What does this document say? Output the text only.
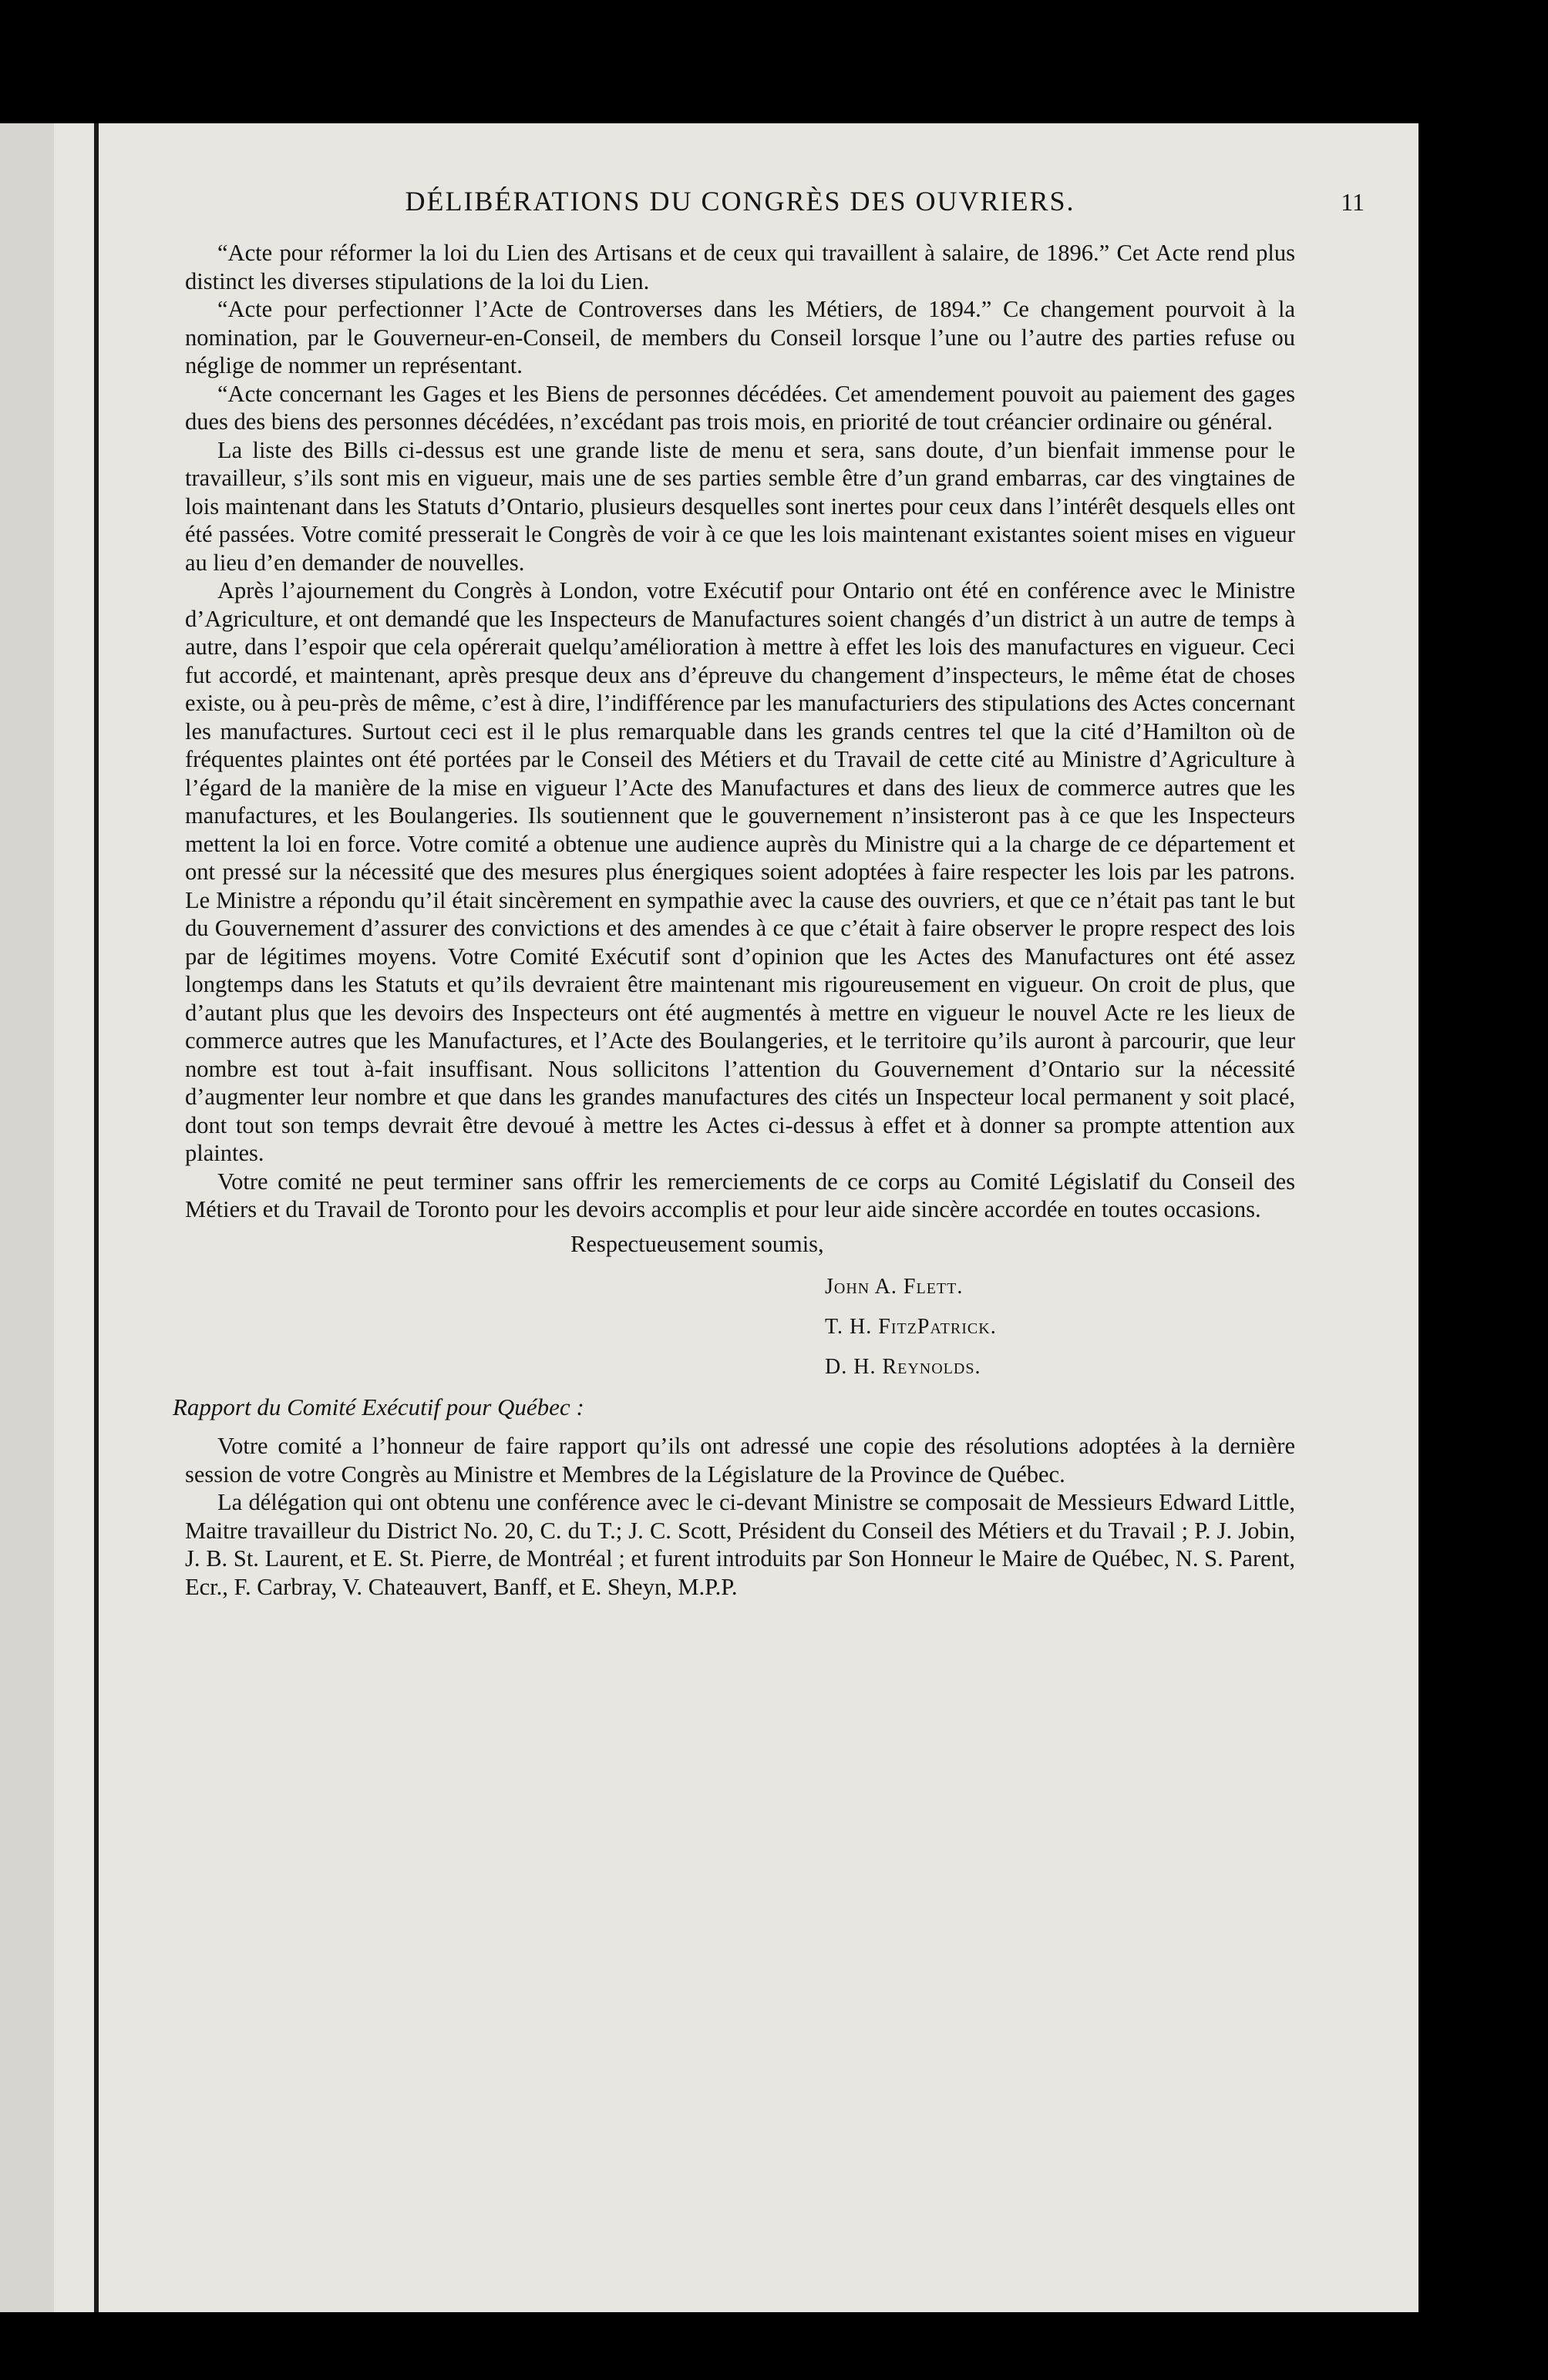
DÉLIBÉRATIONS DU CONGRÈS DES OUVRIERS.	11

“Acte pour réformer la loi du Lien des Artisans et de ceux qui travaillent à salaire, de 1896.” Cet Acte rend plus distinct les diverses stipulations de la loi du Lien.

“Acte pour perfectionner l’Acte de Controverses dans les Métiers, de 1894.” Ce changement pourvoit à la nomination, par le Gouverneur-en-Conseil, de members du Conseil lorsque l’une ou l’autre des parties refuse ou néglige de nommer un représentant.

“Acte concernant les Gages et les Biens de personnes décédées. Cet amendement pouvoit au paiement des gages dues des biens des personnes décédées, n’excédant pas trois mois, en priorité de tout créancier ordinaire ou général.

La liste des Bills ci-dessus est une grande liste de menu et sera, sans doute, d’un bienfait immense pour le travailleur, s’ils sont mis en vigueur, mais une de ses parties semble être d’un grand embarras, car des vingtaines de lois maintenant dans les Statuts d’Ontario, plusieurs desquelles sont inertes pour ceux dans l’intérêt desquels elles ont été passées. Votre comité presserait le Congrès de voir à ce que les lois maintenant existantes soient mises en vigueur au lieu d’en demander de nouvelles.

Après l’ajournement du Congrès à London, votre Exécutif pour Ontario ont été en conférence avec le Ministre d’Agriculture, et ont demandé que les Inspecteurs de Manufactures soient changés d’un district à un autre de temps à autre, dans l’espoir que cela opérerait quelqu’amélioration à mettre à effet les lois des manufactures en vigueur. Ceci fut accordé, et maintenant, après presque deux ans d’épreuve du changement d’inspecteurs, le même état de choses existe, ou à peu-près de même, c’est à dire, l’indifférence par les manufacturiers des stipulations des Actes concernant les manufactures. Surtout ceci est il le plus remarquable dans les grands centres tel que la cité d’Hamilton où de fréquentes plaintes ont été portées par le Conseil des Métiers et du Travail de cette cité au Ministre d’Agriculture à l’égard de la manière de la mise en vigueur l’Acte des Manufactures et dans des lieux de commerce autres que les manufactures, et les Boulangeries. Ils soutiennent que le gouvernement n’insisteront pas à ce que les Inspecteurs mettent la loi en force. Votre comité a obtenue une audience auprès du Ministre qui a la charge de ce département et ont pressé sur la nécessité que des mesures plus énergiques soient adoptées à faire respecter les lois par les patrons. Le Ministre a répondu qu’il était sincèrement en sympathie avec la cause des ouvriers, et que ce n’était pas tant le but du Gouvernement d’assurer des convictions et des amendes à ce que c’était à faire observer le propre respect des lois par de légitimes moyens. Votre Comité Exécutif sont d’opinion que les Actes des Manufactures ont été assez longtemps dans les Statuts et qu’ils devraient être maintenant mis rigoureusement en vigueur. On croit de plus, que d’autant plus que les devoirs des Inspecteurs ont été augmentés à mettre en vigueur le nouvel Acte re les lieux de commerce autres que les Manufactures, et l’Acte des Boulangeries, et le territoire qu’ils auront à parcourir, que leur nombre est tout à-fait insuffisant. Nous sollicitons l’attention du Gouvernement d’Ontario sur la nécessité d’augmenter leur nombre et que dans les grandes manufactures des cités un Inspecteur local permanent y soit placé, dont tout son temps devrait être devoué à mettre les Actes ci-dessus à effet et à donner sa prompte attention aux plaintes.

Votre comité ne peut terminer sans offrir les remerciements de ce corps au Comité Législatif du Conseil des Métiers et du Travail de Toronto pour les devoirs accomplis et pour leur aide sincère accordée en toutes occasions.

Respectueusement soumis,
John A. Flett.
T. H. FitzPatrick.
D. H. Reynolds.
Rapport du Comité Exécutif pour Québec :

Votre comité a l’honneur de faire rapport qu’ils ont adressé une copie des résolutions adoptées à la dernière session de votre Congrès au Ministre et Membres de la Législature de la Province de Québec.

La délégation qui ont obtenu une conférence avec le ci-devant Ministre se composait de Messieurs Edward Little, Maitre travailleur du District No. 20, C. du T.; J. C. Scott, Président du Conseil des Métiers et du Travail ; P. J. Jobin, J. B. St. Laurent, et E. St. Pierre, de Montréal ; et furent introduits par Son Honneur le Maire de Québec, N. S. Parent, Ecr., F. Carbray, V. Chateauvert, Banff, et E. Sheyn, M.P.P.
